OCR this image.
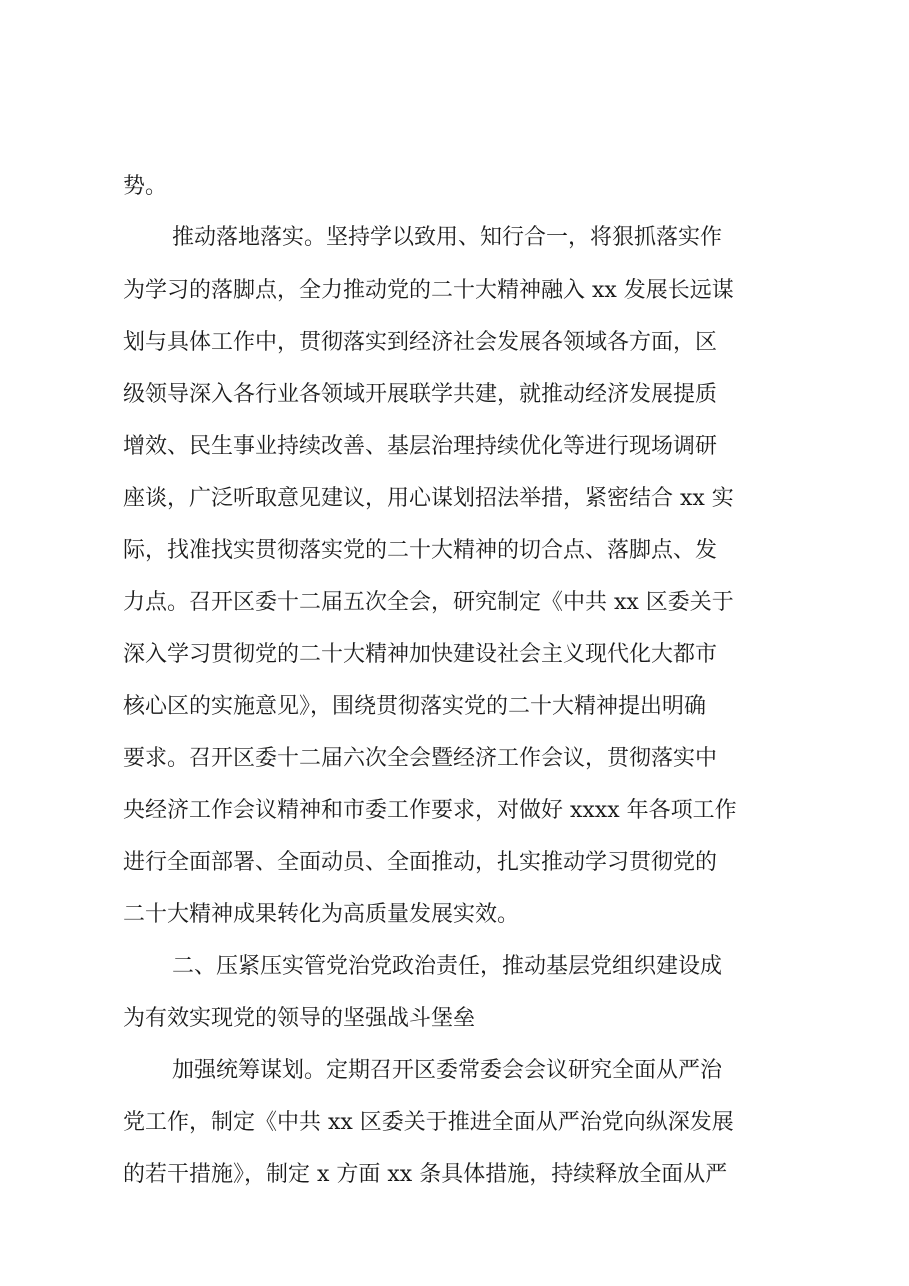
势。
推动落地落实。坚持学以致用、知行合一，将狠抓落实作
为学习的落脚点，全力推动党的二十大精神融入 xx 发展长远谋
划与具体工作中，贯彻落实到经济社会发展各领域各方面，区
级领导深入各行业各领域开展联学共建，就推动经济发展提质
增效、民生事业持续改善、基层治理持续优化等进行现场调研
座谈，广泛听取意见建议，用心谋划招法举措，紧密结合 xx 实
际，找准找实贯彻落实党的二十大精神的切合点、落脚点、发
力点。召开区委十二届五次全会，研究制定《中共 xx 区委关于
深入学习贯彻党的二十大精神加快建设社会主义现代化大都市
核心区的实施意见》，围绕贯彻落实党的二十大精神提出明确
要求。召开区委十二届六次全会暨经济工作会议，贯彻落实中
央经济工作会议精神和市委工作要求，对做好 xxxx 年各项工作
进行全面部署、全面动员、全面推动，扎实推动学习贯彻党的
二十大精神成果转化为高质量发展实效。
二、压紧压实管党治党政治责任，推动基层党组织建设成
为有效实现党的领导的坚强战斗堡垒
加强统筹谋划。定期召开区委常委会会议研究全面从严治
党工作，制定《中共 xx 区委关于推进全面从严治党向纵深发展
的若干措施》，制定 x 方面 xx 条具体措施，持续释放全面从严
